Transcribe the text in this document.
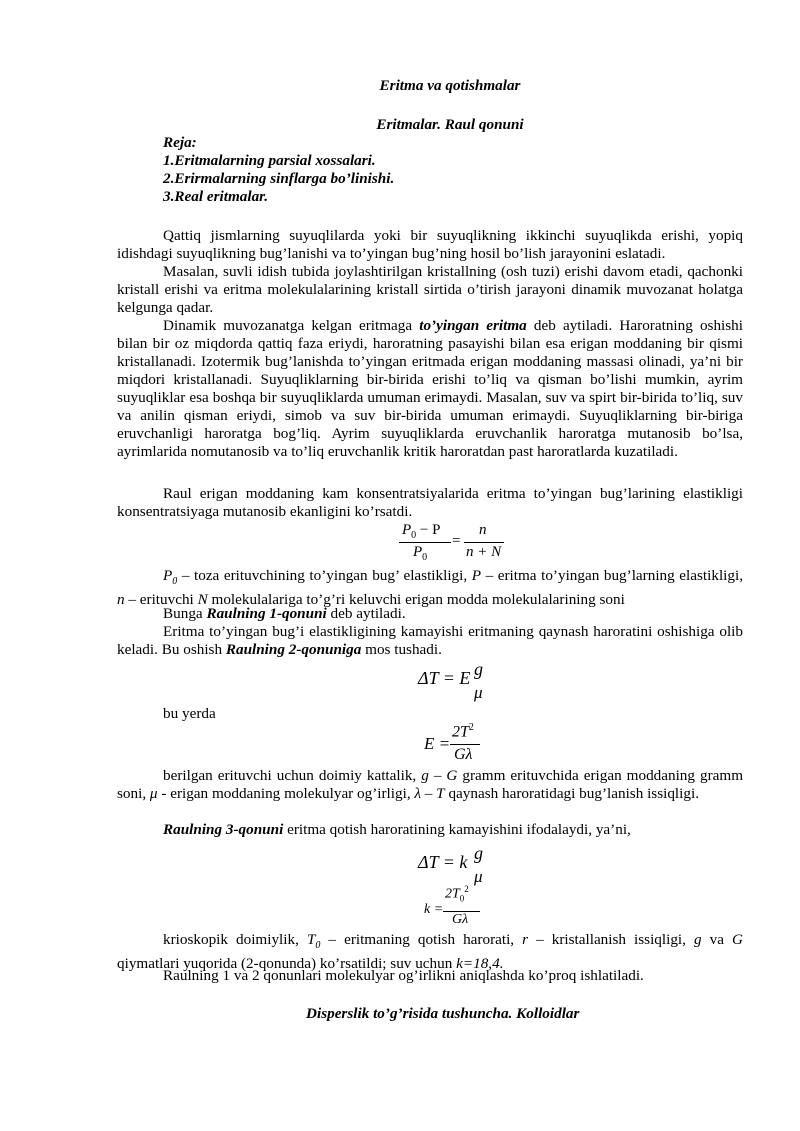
Eritma va qotishmalar
Eritmalar. Raul qonuni
Reja:
1.Eritmalarning parsial xossalari.
2.Erirmalarning sinflarga bo’linishi.
3.Real eritmalar.
Qattiq jismlarning suyuqlilarda yoki bir suyuqlikning ikkinchi suyuqlikda erishi, yopiq idishdagi suyuqlikning bug’lanishi va to’yingan bug’ning hosil bo’lish jarayonini eslatadi.
Masalan, suvli idish tubida joylashtirilgan kristallning (osh tuzi) erishi davom etadi, qachonki kristall erishi va eritma molekulalarining kristall sirtida o’tirish jarayoni dinamik muvozanat holatga kelgunga qadar.
Dinamik muvozanatga kelgan eritmaga to’yingan eritma deb aytiladi. Haroratning oshishi bilan bir oz miqdorda qattiq faza eriydi, haroratning pasayishi bilan esa erigan moddaning bir qismi kristallanadi. Izotermik bug’lanishda to’yingan eritmada erigan moddaning massasi olinadi, ya’ni bir miqdori kristallanadi. Suyuqliklarning bir-birida erishi to’liq va qisman bo’lishi mumkin, ayrim suyuqliklar esa boshqa bir suyuqliklarda umuman erimaydi. Masalan, suv va spirt bir-birida to’liq, suv va anilin qisman eriydi, simob va suv bir-birida umuman erimaydi. Suyuqliklarning bir-biriga eruvchanligi haroratga bog’liq. Ayrim suyuqliklarda eruvchanlik haroratga mutanosib bo’lsa, ayrimlarida nomutanosib va to’liq eruvchanlik kritik haroratdan past haroratlarda kuzatiladi.
Raul erigan moddaning kam konsentratsiyalarida eritma to’yingan bug’larining elastikligi konsentratsiyaga mutanosib ekanligini ko’rsatdi.
$P_0 - P$
$P_0$
=
n
n + N
$P_0$ – toza erituvchining to’yingan bug’ elastikligi, P – eritma to’yingan bug’larning elastikligi, n – erituvchi N molekulalariga to’g’ri keluvchi erigan modda molekulalarining soni
Bunga Raulning 1-qonuni deb aytiladi.
Eritma to’yingan bug’i elastikligining kamayishi eritmaning qaynash haroratini oshishiga olib keladi. Bu oshish Raulning 2-qonuniga mos tushadi.
ΔT = E g
μ
bu yerda
E =
$2T^2$
Gλ
berilgan erituvchi uchun doimiy kattalik, g – G gramm erituvchida erigan moddaning gramm soni, μ - erigan moddaning molekulyar og’irligi, λ – T qaynash haroratidagi bug’lanish issiqligi.
Raulning 3-qonuni eritma qotish haroratining kamayishini ifodalaydi, ya’ni,
ΔT = k g
μ
k =
$2T_0^2$
Gλ
krioskopik doimiylik, $T_0$ – eritmaning qotish harorati, r – kristallanish issiqligi, g va G qiymatlari yuqorida (2-qonunda) ko’rsatildi; suv uchun k=18,4.
Raulning 1 va 2 qonunlari molekulyar og’irlikni aniqlashda ko’proq ishlatiladi.
Disperslik to’g’risida tushuncha. Kolloidlar
